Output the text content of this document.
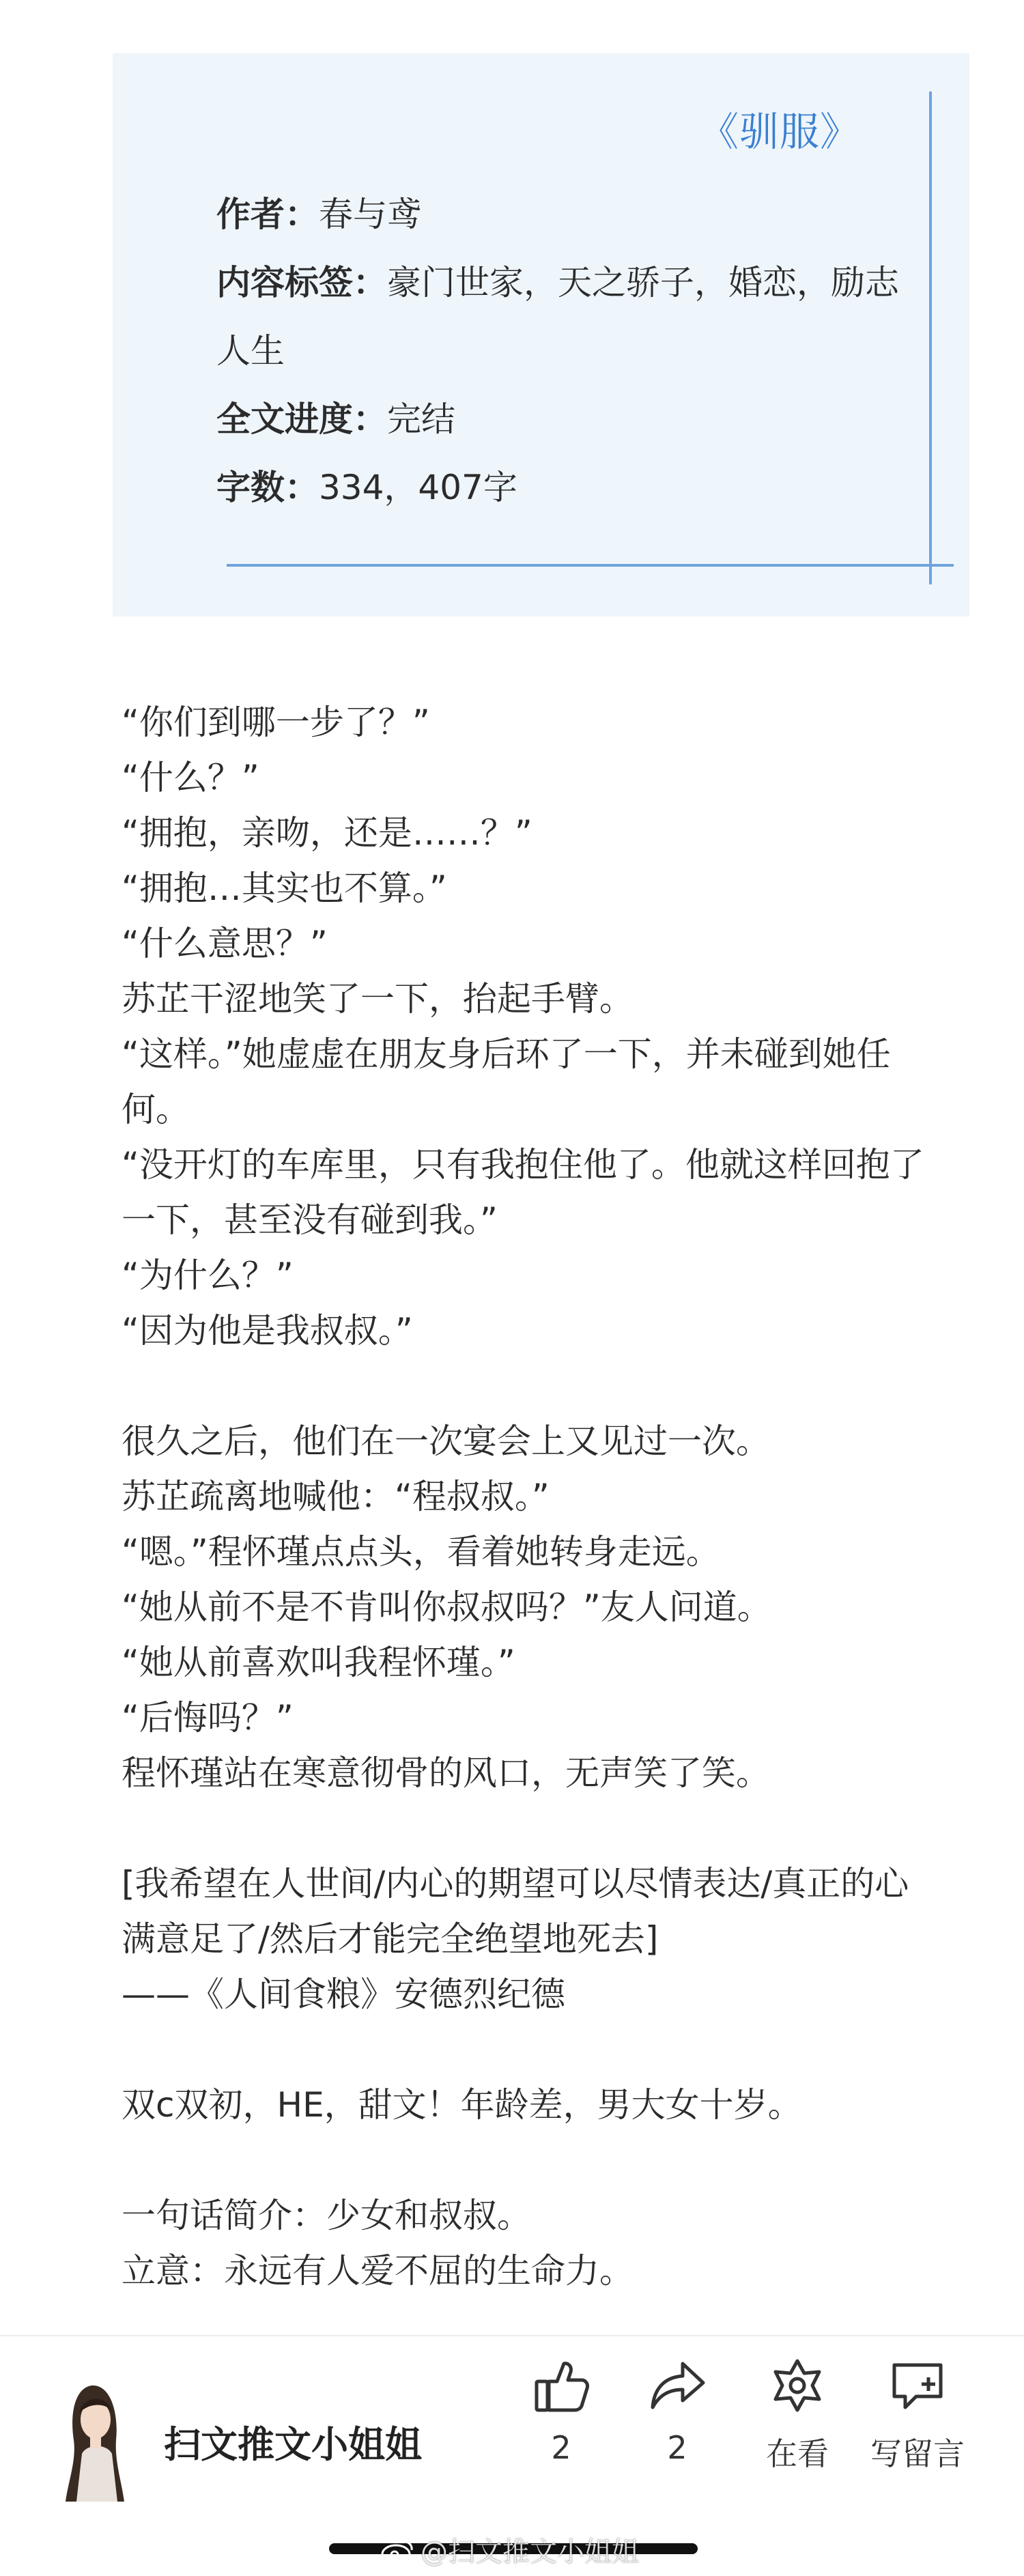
《驯服》
作者：春与鸢
内容标签：豪门世家，天之骄子，婚恋，励志人生
全文进度：完结
字数：334，407字

“你们到哪一步了？”

“什么？”

“拥抱，亲吻，还是……？”

“拥抱…其实也不算。”

“什么意思？”

苏芷干涩地笑了一下，抬起手臂。

“这样。”她虚虚在朋友身后环了一下，并未碰到她任何。

“没开灯的车库里，只有我抱住他了。他就这样回抱了一下，甚至没有碰到我。”

“为什么？”

“因为他是我叔叔。”

很久之后，他们在一次宴会上又见过一次。

苏芷疏离地喊他：“程叔叔。”

“嗯。”程怀瑾点点头，看着她转身走远。

“她从前不是不肯叫你叔叔吗？”友人问道。

“她从前喜欢叫我程怀瑾。”

“后悔吗？”

程怀瑾站在寒意彻骨的风口，无声笑了笑。

[我希望在人世间/内心的期望可以尽情表达/真正的心满意足了/然后才能完全绝望地死去]

——《人间食粮》安德烈纪德

双c双初，HE，甜文！年龄差，男大女十岁。

一句话简介：少女和叔叔。

立意：永远有人爱不屈的生命力。

扫文推文小姐姐	2	2	在看	写留言
@扫文推文小姐姐
